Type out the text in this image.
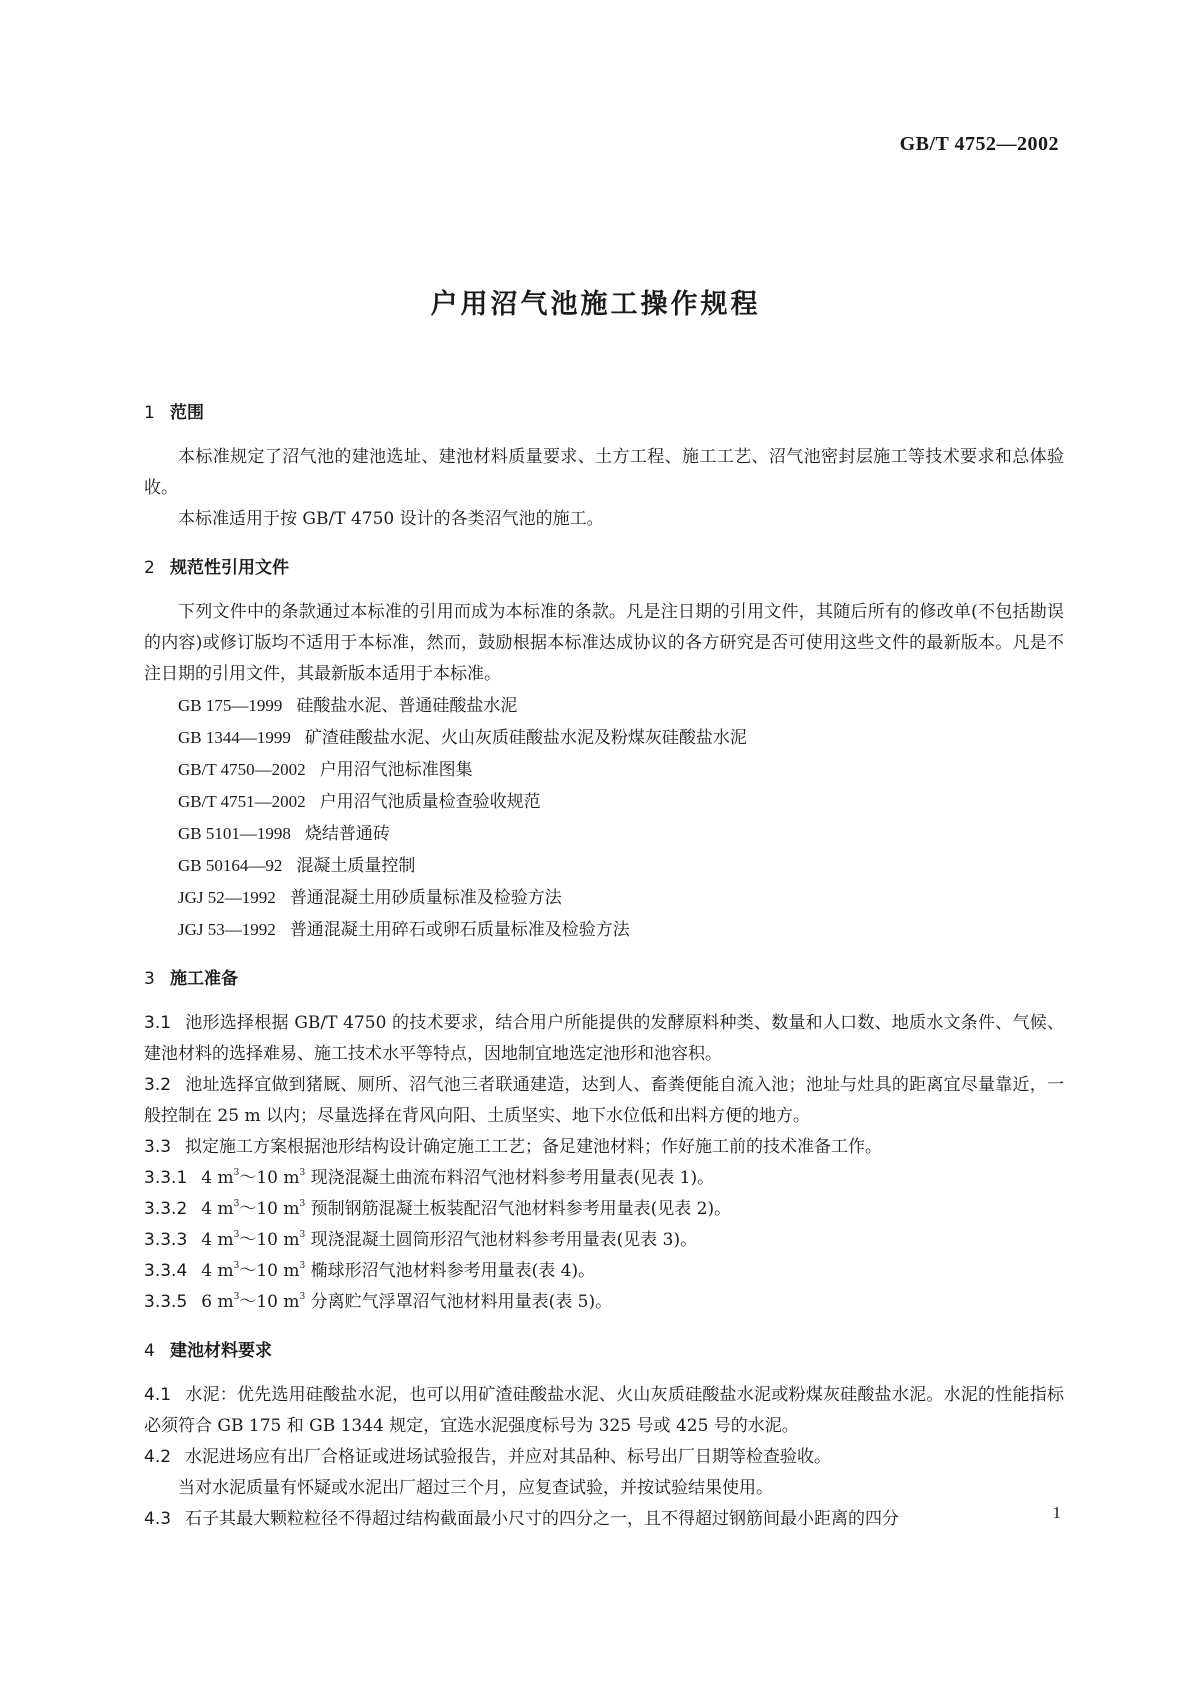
GB/T 4752—2002
户用沼气池施工操作规程
1 范围

本标准规定了沼气池的建池选址、建池材料质量要求、土方工程、施工工艺、沼气池密封层施工等技术要求和总体验收。

本标准适用于按 GB/T 4750 设计的各类沼气池的施工。

2 规范性引用文件

下列文件中的条款通过本标准的引用而成为本标准的条款。凡是注日期的引用文件，其随后所有的修改单(不包括勘误的内容)或修订版均不适用于本标准，然而，鼓励根据本标准达成协议的各方研究是否可使用这些文件的最新版本。凡是不注日期的引用文件，其最新版本适用于本标准。

GB 175—1999 硅酸盐水泥、普通硅酸盐水泥
GB 1344—1999 矿渣硅酸盐水泥、火山灰质硅酸盐水泥及粉煤灰硅酸盐水泥
GB/T 4750—2002 户用沼气池标准图集
GB/T 4751—2002 户用沼气池质量检查验收规范
GB 5101—1998 烧结普通砖
GB 50164—92 混凝土质量控制
JGJ 52—1992 普通混凝土用砂质量标准及检验方法
JGJ 53—1992 普通混凝土用碎石或卵石质量标准及检验方法
3 施工准备

3.1 池形选择根据 GB/T 4750 的技术要求，结合用户所能提供的发酵原料种类、数量和人口数、地质水文条件、气候、建池材料的选择难易、施工技术水平等特点，因地制宜地选定池形和池容积。

3.2 池址选择宜做到猪厩、厕所、沼气池三者联通建造，达到人、畜粪便能自流入池；池址与灶具的距离宜尽量靠近，一般控制在 25 m 以内；尽量选择在背风向阳、土质坚实、地下水位低和出料方便的地方。

3.3 拟定施工方案根据池形结构设计确定施工工艺；备足建池材料；作好施工前的技术准备工作。

3.3.1 4 $m^3\sim 10$ $m^3$ 现浇混凝土曲流布料沼气池材料参考用量表(见表 1)。

3.3.2 4 $m^3\sim 10$ $m^3$ 预制钢筋混凝土板装配沼气池材料参考用量表(见表 2)。

3.3.3 4 $m^3\sim 10$ $m^3$ 现浇混凝土圆筒形沼气池材料参考用量表(见表 3)。

3.3.4 4 $m^3\sim 10$ $m^3$ 椭球形沼气池材料参考用量表(表 4)。

3.3.5 6 $m^3\sim 10$ $m^3$ 分离贮气浮罩沼气池材料用量表(表 5)。

4 建池材料要求

4.1 水泥：优先选用硅酸盐水泥，也可以用矿渣硅酸盐水泥、火山灰质硅酸盐水泥或粉煤灰硅酸盐水泥。水泥的性能指标必须符合 GB 175 和 GB 1344 规定，宜选水泥强度标号为 325 号或 425 号的水泥。

4.2 水泥进场应有出厂合格证或进场试验报告，并应对其品种、标号出厂日期等检查验收。

当对水泥质量有怀疑或水泥出厂超过三个月，应复查试验，并按试验结果使用。

4.3 石子其最大颗粒粒径不得超过结构截面最小尺寸的四分之一，且不得超过钢筋间最小距离的四分	1
